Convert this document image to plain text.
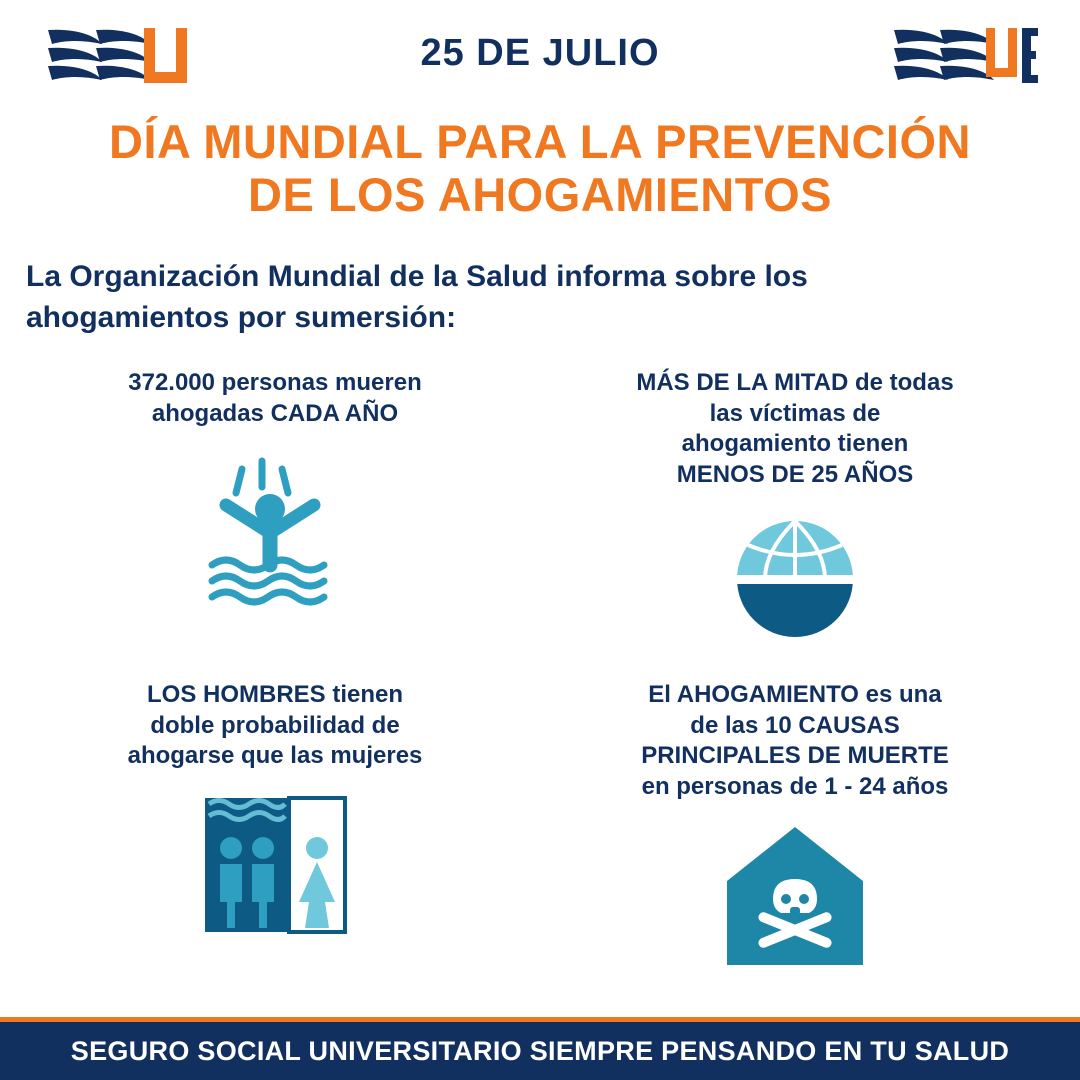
25 DE JULIO
DÍA MUNDIAL PARA LA PREVENCIÓN
DE LOS AHOGAMIENTOS
La Organización Mundial de la Salud informa sobre los
ahogamientos por sumersión:
372.000 personas mueren
ahogadas CADA AÑO
MÁS DE LA MITAD de todas
las víctimas de
ahogamiento tienen
MENOS DE 25 AÑOS
LOS HOMBRES tienen
doble probabilidad de
ahogarse que las mujeres
El AHOGAMIENTO es una
de las 10 CAUSAS
PRINCIPALES DE MUERTE
en personas de 1 - 24 años
SEGURO SOCIAL UNIVERSITARIO SIEMPRE PENSANDO EN TU SALUD
